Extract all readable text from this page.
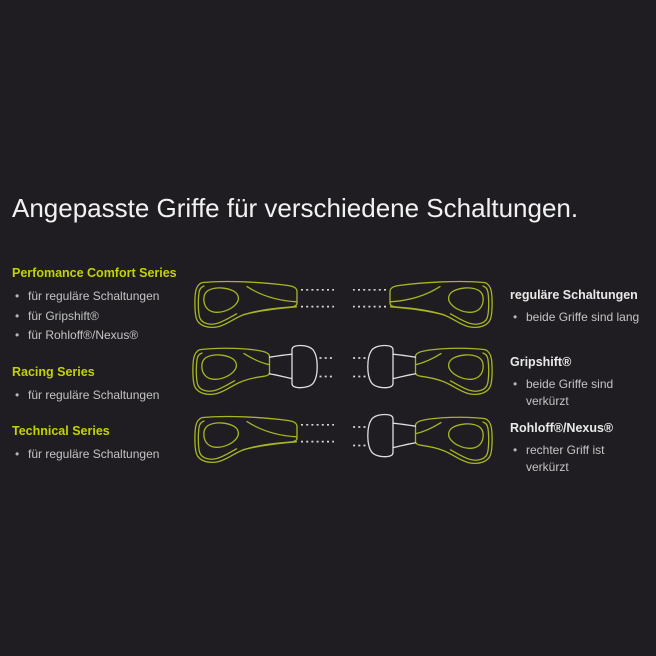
Angepasste Griffe für verschiedene Schaltungen.
Perfomance Comfort Series
• für reguläre Schaltungen
• für Gripshift®
• für Rohloff®/Nexus®
Racing Series
• für reguläre Schaltungen
Technical Series
• für reguläre Schaltungen
reguläre Schaltungen
• beide Griffe sind lang
Gripshift®
• beide Griffe sind verkürzt
Rohloff®/Nexus®
• rechter Griff ist verkürzt
